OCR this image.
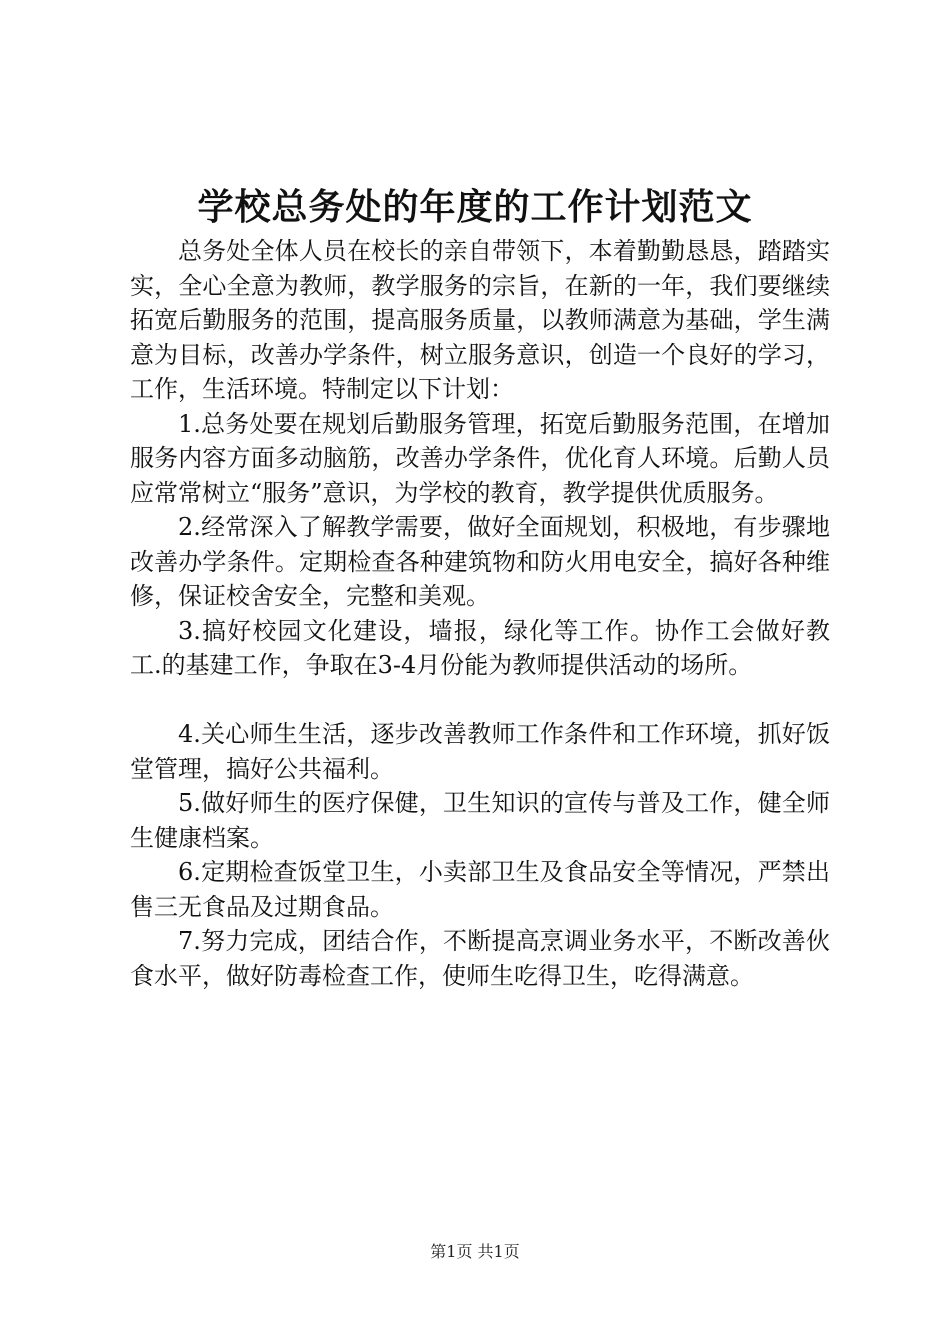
学校总务处的年度的工作计划范文

总务处全体人员在校长的亲自带领下，本着勤勤恳恳，踏踏实实，全心全意为教师，教学服务的宗旨，在新的一年，我们要继续拓宽后勤服务的范围，提高服务质量，以教师满意为基础，学生满意为目标，改善办学条件，树立服务意识，创造一个良好的学习，工作，生活环境。特制定以下计划：

1.总务处要在规划后勤服务管理，拓宽后勤服务范围，在增加服务内容方面多动脑筋，改善办学条件，优化育人环境。后勤人员应常常树立“服务”意识，为学校的教育，教学提供优质服务。

2.经常深入了解教学需要，做好全面规划，积极地，有步骤地改善办学条件。定期检查各种建筑物和防火用电安全，搞好各种维修，保证校舍安全，完整和美观。

3.搞好校园文化建设，墙报，绿化等工作。协作工会做好教工.的基建工作，争取在3-4月份能为教师提供活动的场所。

4.关心师生生活，逐步改善教师工作条件和工作环境，抓好饭堂管理，搞好公共福利。

5.做好师生的医疗保健，卫生知识的宣传与普及工作，健全师生健康档案。

6.定期检查饭堂卫生，小卖部卫生及食品安全等情况，严禁出售三无食品及过期食品。

7.努力完成，团结合作，不断提高烹调业务水平，不断改善伙食水平，做好防毒检查工作，使师生吃得卫生，吃得满意。

第1页 共1页
